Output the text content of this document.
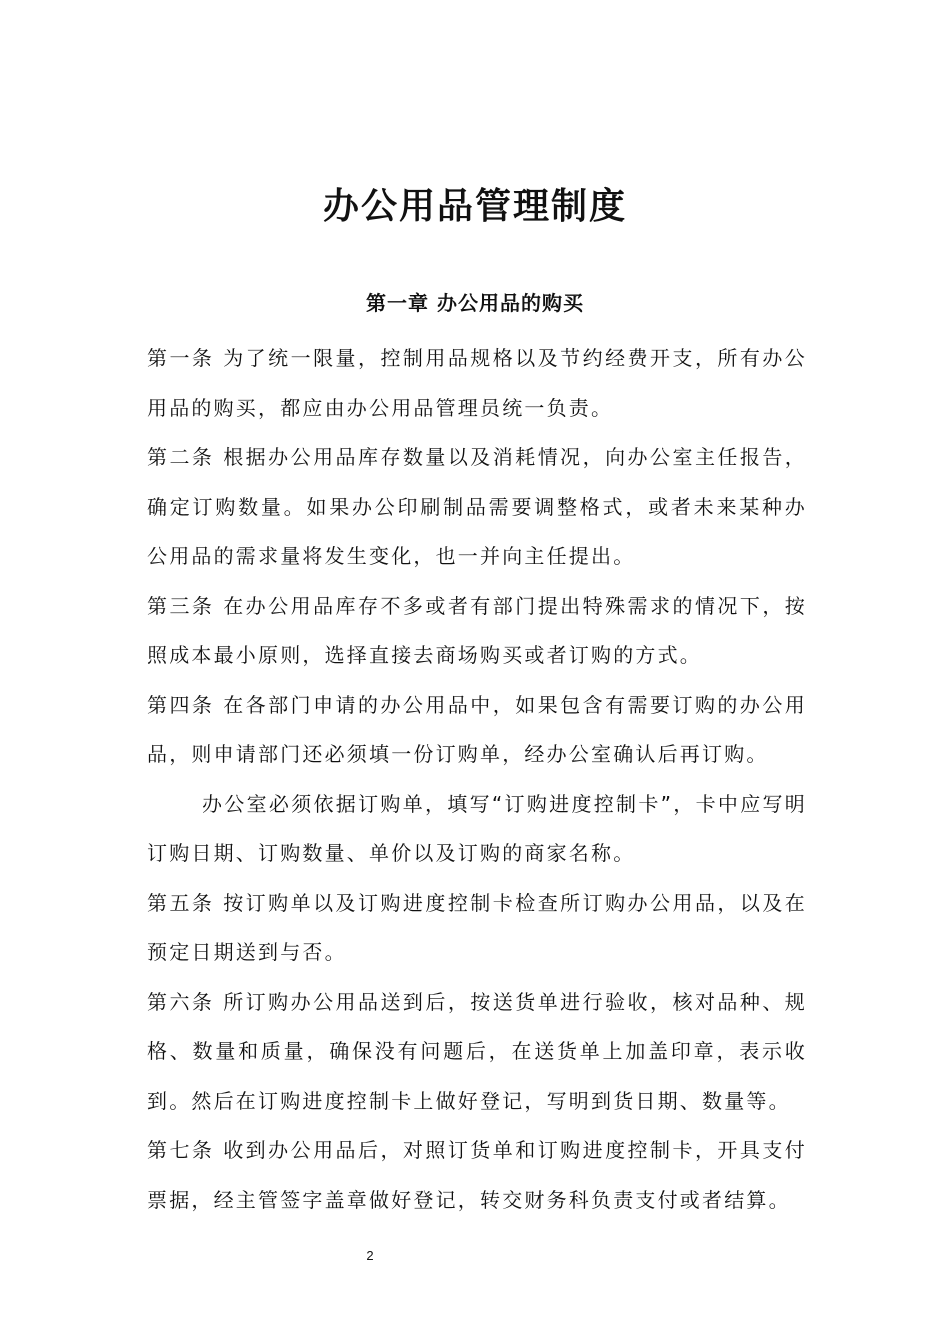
办公用品管理制度
第一章 办公用品的购买

第一条 为了统一限量，控制用品规格以及节约经费开支，所有办公用品的购买，都应由办公用品管理员统一负责。

第二条 根据办公用品库存数量以及消耗情况，向办公室主任报告，确定订购数量。如果办公印刷制品需要调整格式，或者未来某种办公用品的需求量将发生变化，也一并向主任提出。

第三条 在办公用品库存不多或者有部门提出特殊需求的情况下，按照成本最小原则，选择直接去商场购买或者订购的方式。

第四条 在各部门申请的办公用品中，如果包含有需要订购的办公用品，则申请部门还必须填一份订购单，经办公室确认后再订购。

办公室必须依据订购单，填写“订购进度控制卡”，卡中应写明订购日期、订购数量、单价以及订购的商家名称。

第五条 按订购单以及订购进度控制卡检查所订购办公用品，以及在预定日期送到与否。

第六条 所订购办公用品送到后，按送货单进行验收，核对品种、规格、数量和质量，确保没有问题后，在送货单上加盖印章，表示收到。然后在订购进度控制卡上做好登记，写明到货日期、数量等。

第七条 收到办公用品后，对照订货单和订购进度控制卡，开具支付票据，经主管签字盖章做好登记，转交财务科负责支付或者结算。

2
